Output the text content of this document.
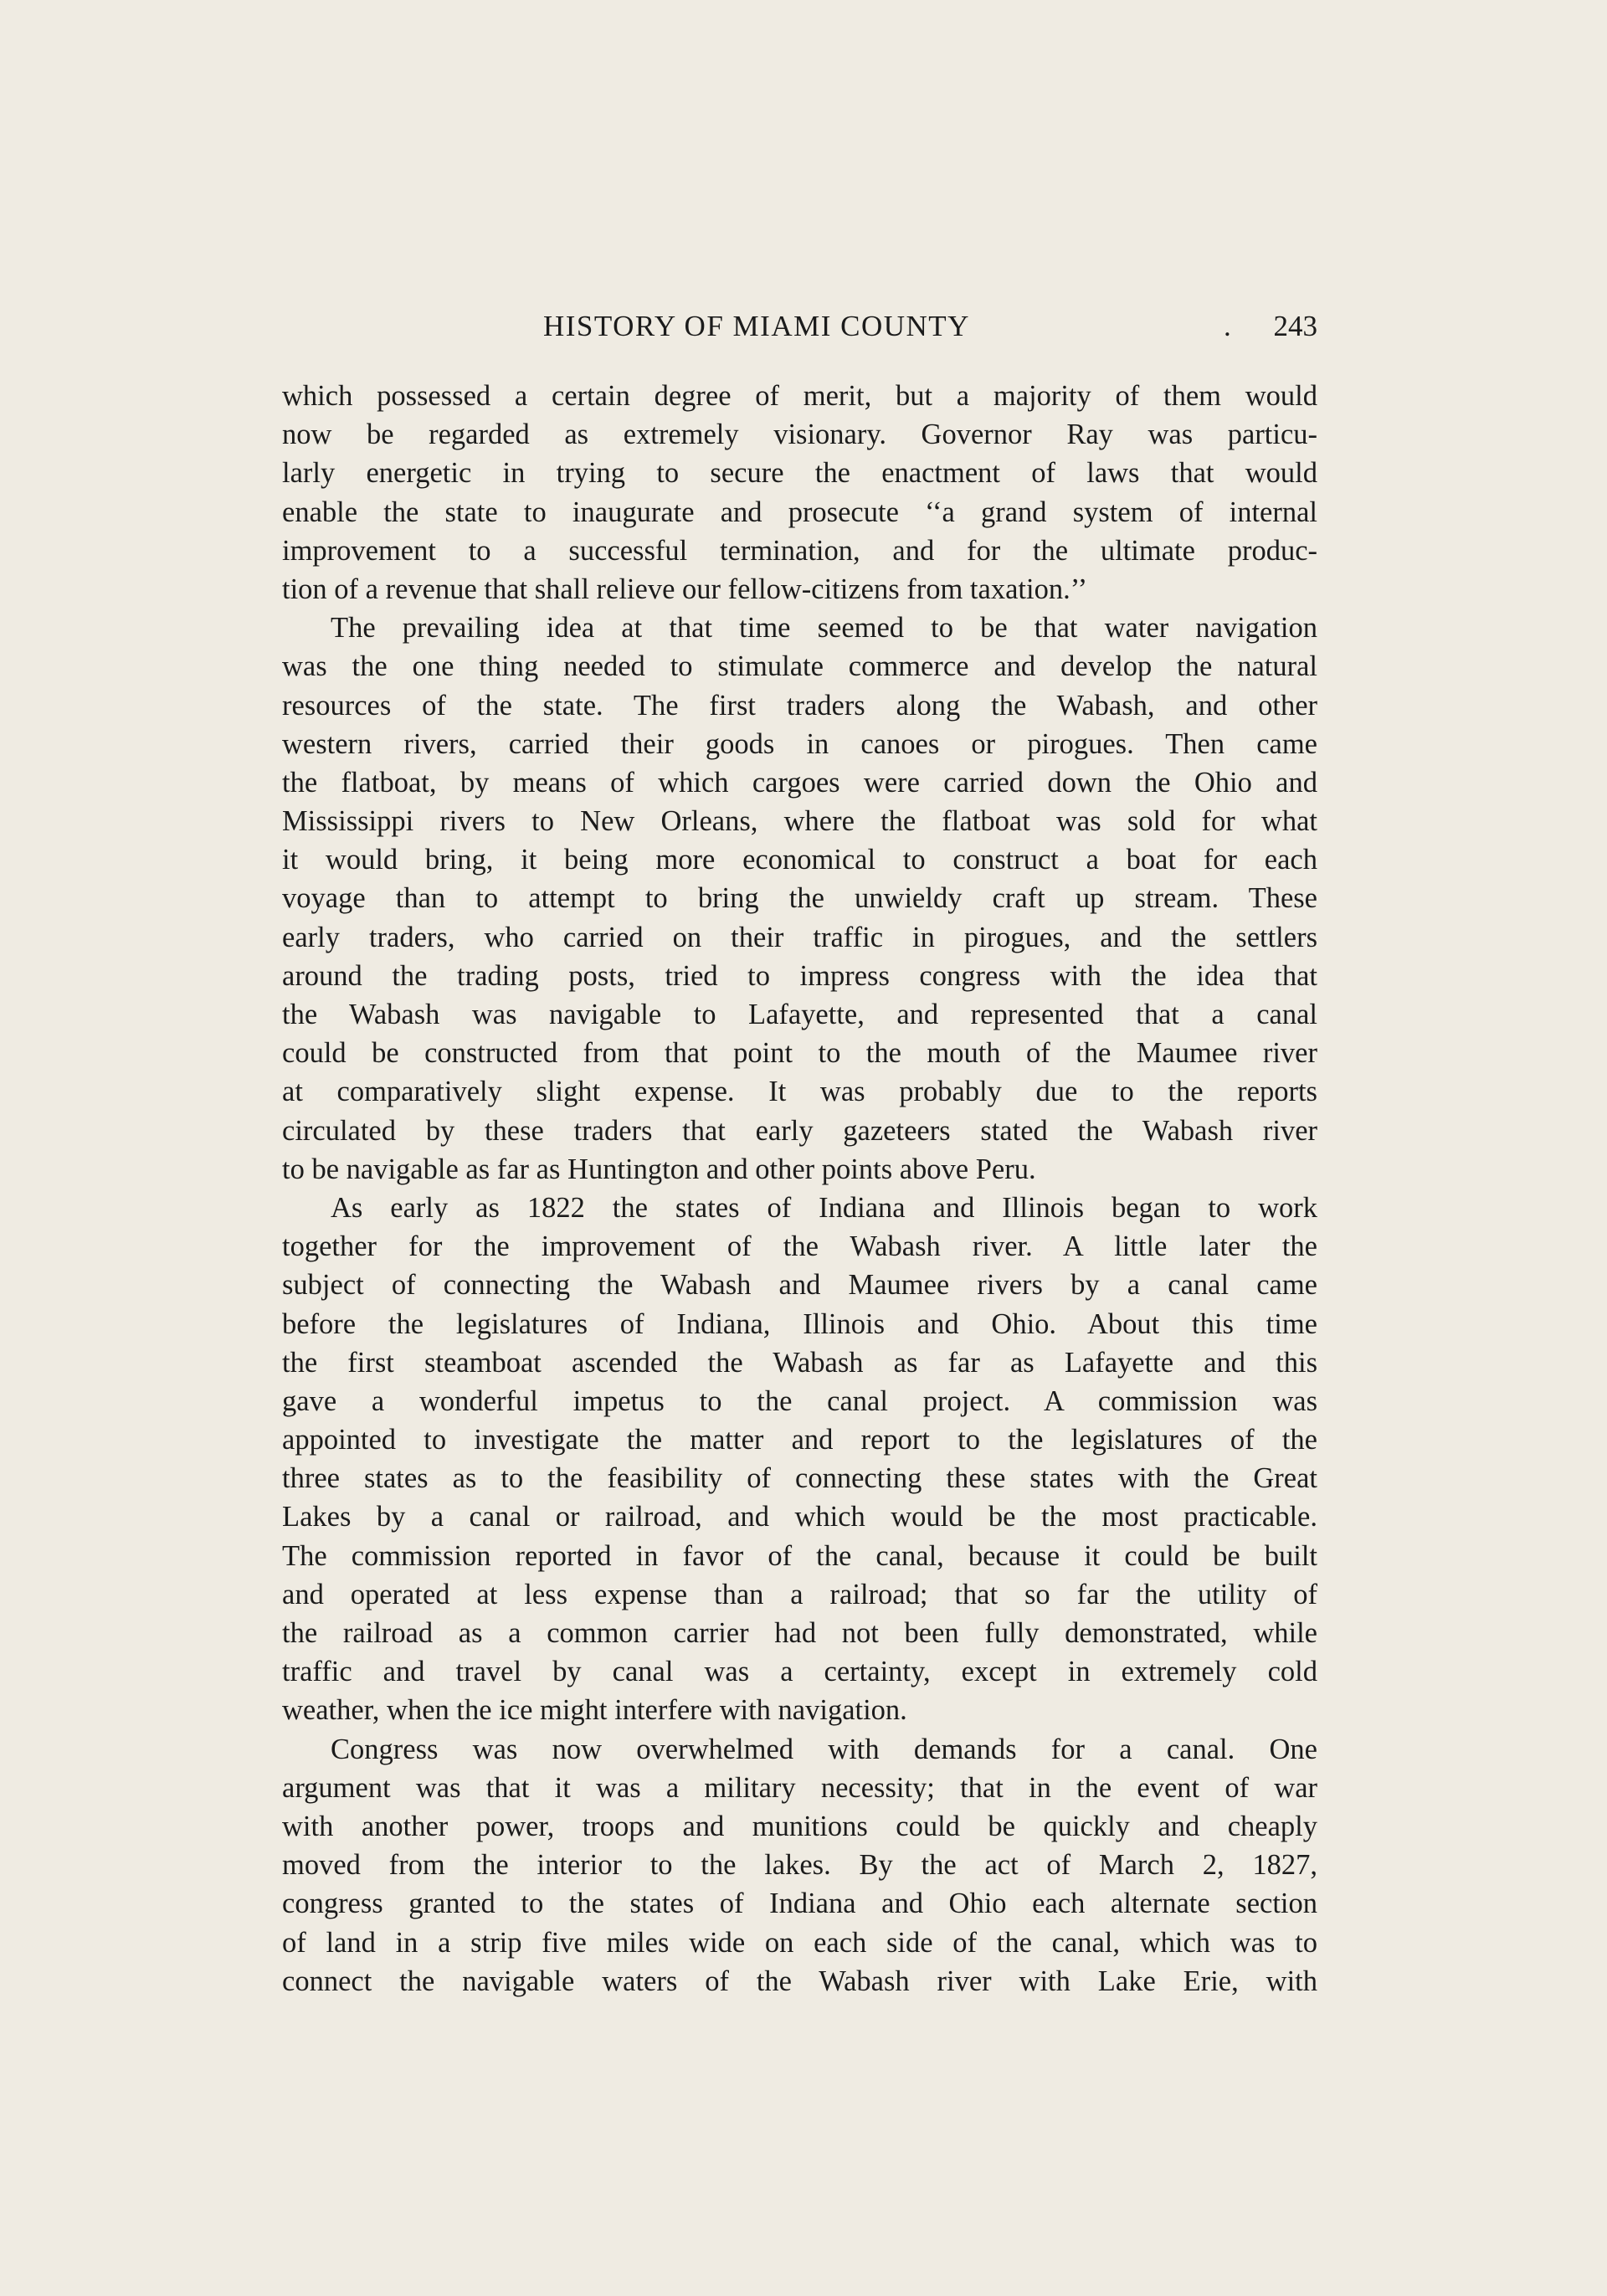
HISTORY OF MIAMI COUNTY	. 243
which possessed a certain degree of merit, but a majority of them would
now be regarded as extremely visionary. Governor Ray was particu-
larly energetic in trying to secure the enactment of laws that would
enable the state to inaugurate and prosecute ‘‘a grand system of internal
improvement to a successful termination, and for the ultimate produc-
tion of a revenue that shall relieve our fellow-citizens from taxation.’’
The prevailing idea at that time seemed to be that water navigation
was the one thing needed to stimulate commerce and develop the natural
resources of the state. The first traders along the Wabash, and other
western rivers, carried their goods in canoes or pirogues. Then came
the flatboat, by means of which cargoes were carried down the Ohio and
Mississippi rivers to New Orleans, where the flatboat was sold for what
it would bring, it being more economical to construct a boat for each
voyage than to attempt to bring the unwieldy craft up stream. These
early traders, who carried on their traffic in pirogues, and the settlers
around the trading posts, tried to impress congress with the idea that
the Wabash was navigable to Lafayette, and represented that a canal
could be constructed from that point to the mouth of the Maumee river
at comparatively slight expense. It was probably due to the reports
circulated by these traders that early gazeteers stated the Wabash river
to be navigable as far as Huntington and other points above Peru.
As early as 1822 the states of Indiana and Illinois began to work
together for the improvement of the Wabash river. A little later the
subject of connecting the Wabash and Maumee rivers by a canal came
before the legislatures of Indiana, Illinois and Ohio. About this time
the first steamboat ascended the Wabash as far as Lafayette and this
gave a wonderful impetus to the canal project. A commission was
appointed to investigate the matter and report to the legislatures of the
three states as to the feasibility of connecting these states with the Great
Lakes by a canal or railroad, and which would be the most practicable.
The commission reported in favor of the canal, because it could be built
and operated at less expense than a railroad; that so far the utility of
the railroad as a common carrier had not been fully demonstrated, while
traffic and travel by canal was a certainty, except in extremely cold
weather, when the ice might interfere with navigation.
Congress was now overwhelmed with demands for a canal. One
argument was that it was a military necessity; that in the event of war
with another power, troops and munitions could be quickly and cheaply
moved from the interior to the lakes. By the act of March 2, 1827,
congress granted to the states of Indiana and Ohio each alternate section
of land in a strip five miles wide on each side of the canal, which was to
connect the navigable waters of the Wabash river with Lake Erie, with
